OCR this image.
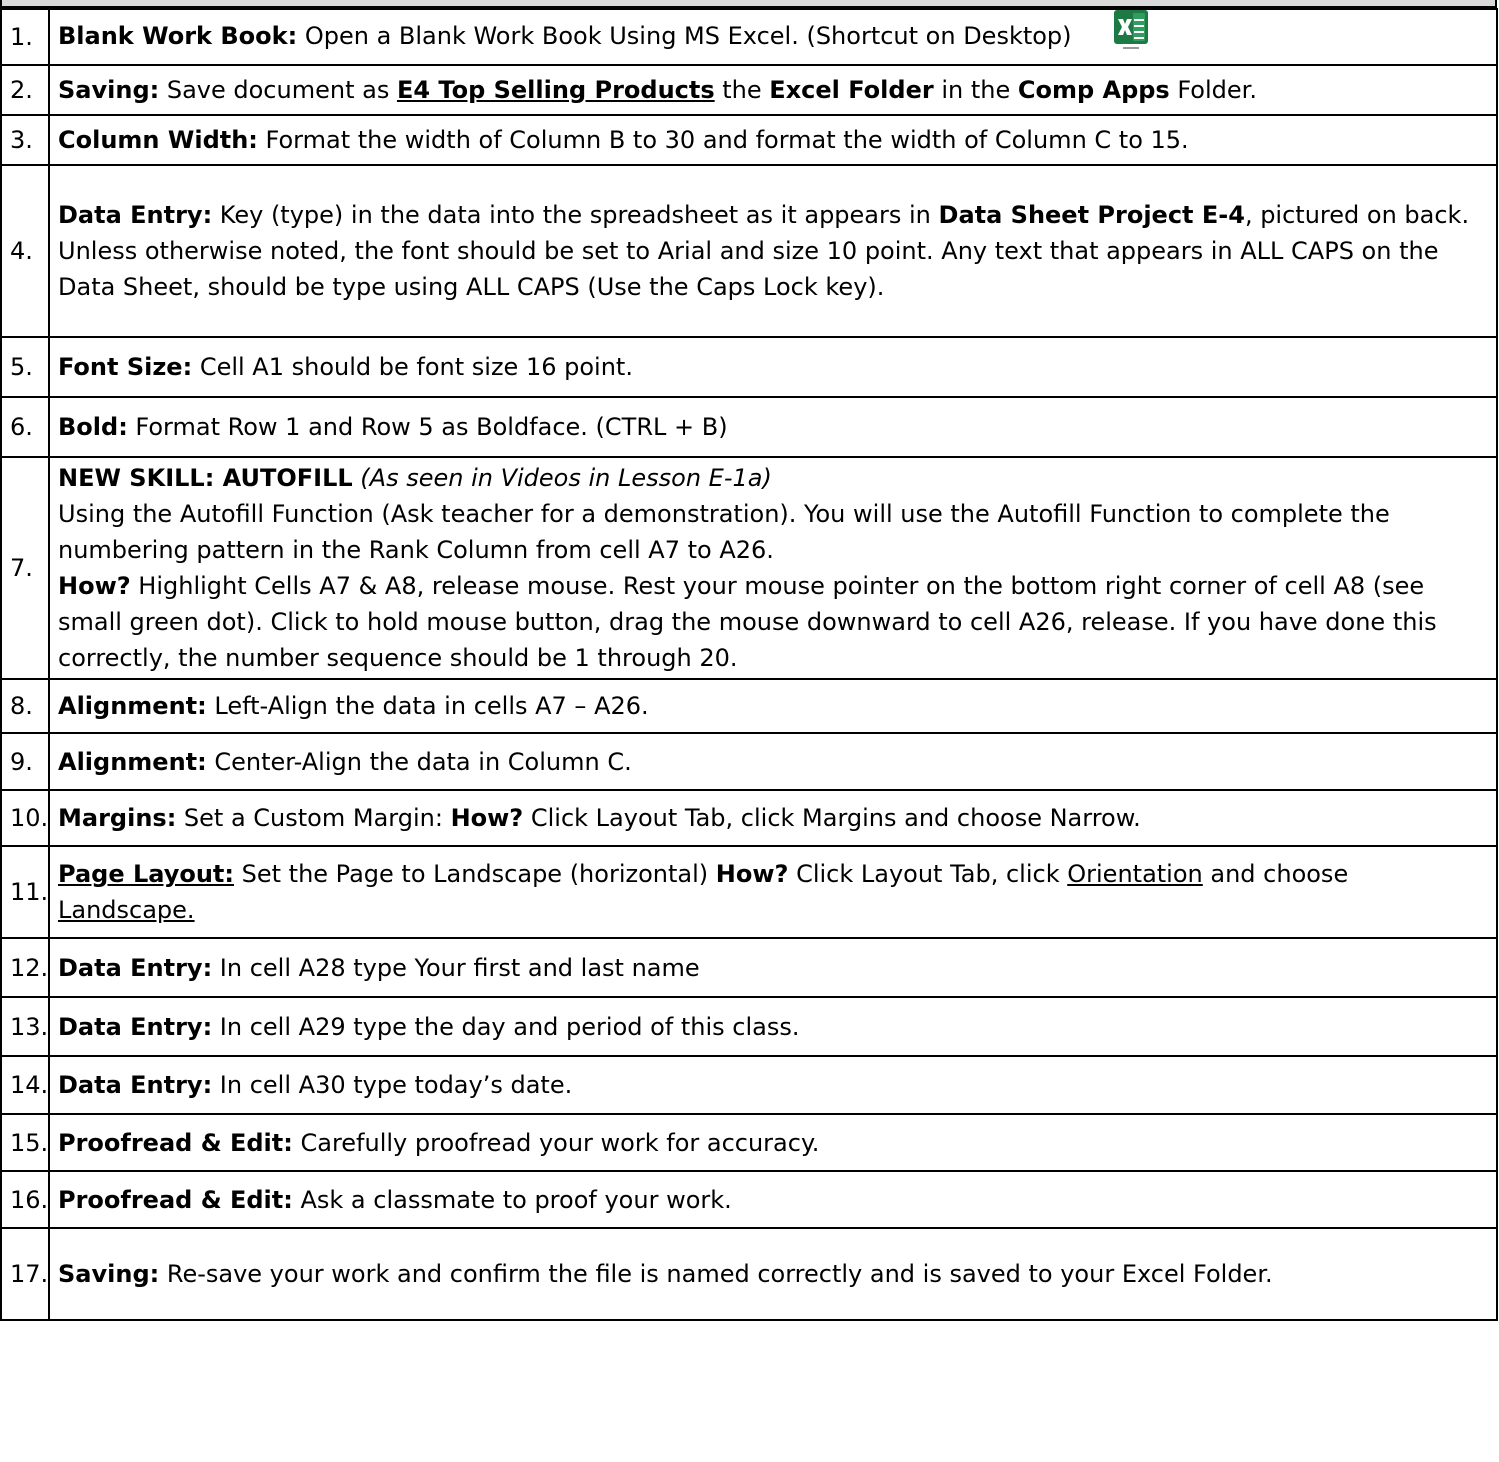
1.	Blank Work Book: Open a Blank Work Book Using MS Excel. (Shortcut on Desktop)
2.	Saving: Save document as E4 Top Selling Products the Excel Folder in the Comp Apps Folder.
3.	Column Width: Format the width of Column B to 30 and format the width of Column C to 15.
4.	Data Entry: Key (type) in the data into the spreadsheet as it appears in Data Sheet Project E-4, pictured on back. Unless otherwise noted, the font should be set to Arial and size 10 point. Any text that appears in ALL CAPS on the Data Sheet, should be type using ALL CAPS (Use the Caps Lock key).
5.	Font Size: Cell A1 should be font size 16 point.
6.	Bold: Format Row 1 and Row 5 as Boldface. (CTRL + B)
7.	NEW SKILL: AUTOFILL (As seen in Videos in Lesson E-1a)
Using the Autofill Function (Ask teacher for a demonstration). You will use the Autofill Function to complete the numbering pattern in the Rank Column from cell A7 to A26.
How? Highlight Cells A7 & A8, release mouse. Rest your mouse pointer on the bottom right corner of cell A8 (see small green dot). Click to hold mouse button, drag the mouse downward to cell A26, release. If you have done this correctly, the number sequence should be 1 through 20.
8.	Alignment: Left-Align the data in cells A7 – A26.
9.	Alignment: Center-Align the data in Column C.
10.	Margins: Set a Custom Margin: How? Click Layout Tab, click Margins and choose Narrow.
11.	Page Layout: Set the Page to Landscape (horizontal) How? Click Layout Tab, click Orientation and choose Landscape.
12.	Data Entry: In cell A28 type Your first and last name
13.	Data Entry: In cell A29 type the day and period of this class.
14.	Data Entry: In cell A30 type today’s date.
15.	Proofread & Edit: Carefully proofread your work for accuracy.
16.	Proofread & Edit: Ask a classmate to proof your work.
17.	Saving: Re-save your work and confirm the file is named correctly and is saved to your Excel Folder.
